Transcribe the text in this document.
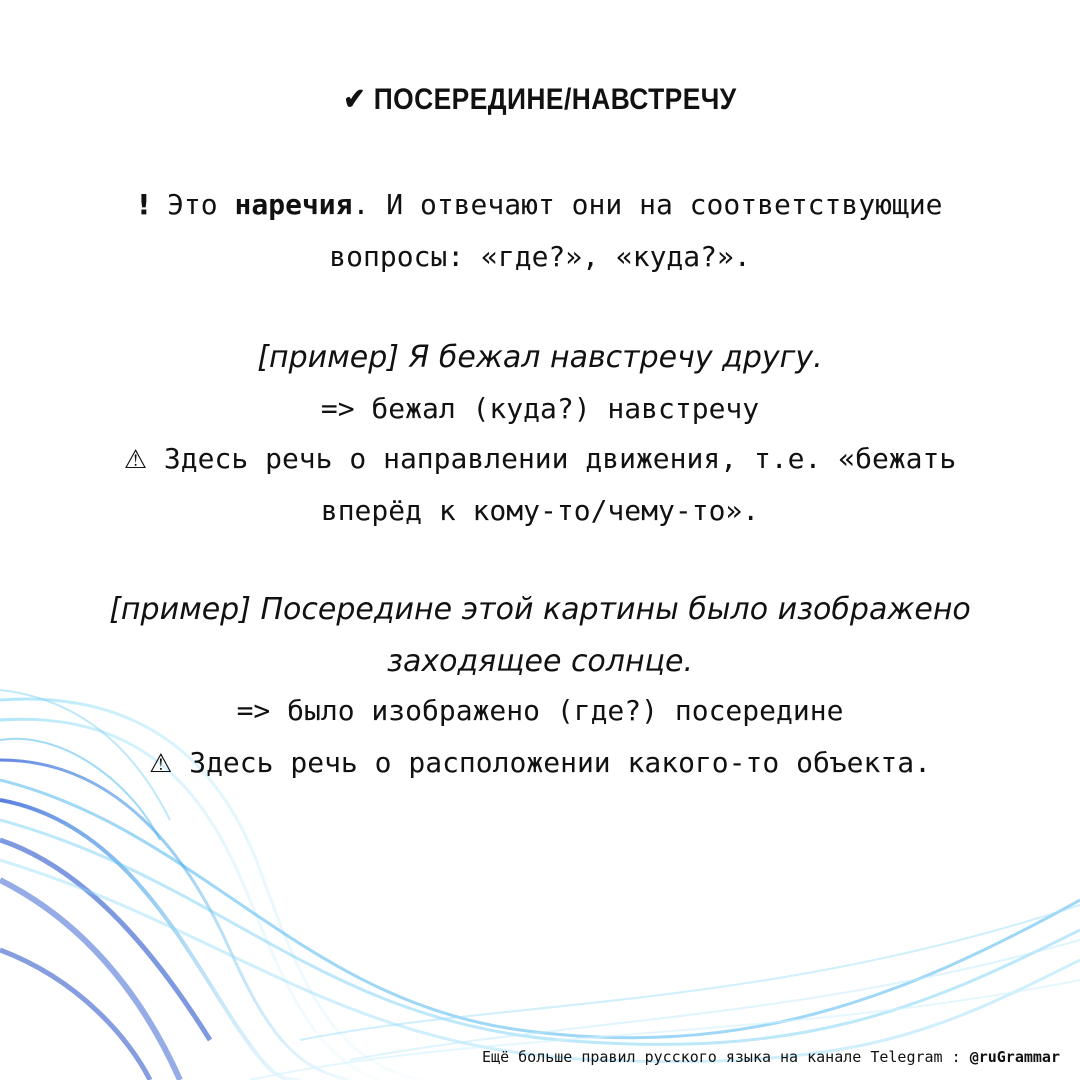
✔ ПОСЕРЕДИНЕ/НАВСТРЕЧУ
! Это наречия. И отвечают они на соответствующие
вопросы: «где?», «куда?».
[пример] Я бежал навстречу другу.
=> бежал (куда?) навстречу
⚠ Здесь речь о направлении движения, т.е. «бежать
вперёд к кому-то/чему-то».
[пример] Посередине этой картины было изображено
заходящее солнце.
=> было изображено (где?) посередине
⚠ Здесь речь о расположении какого-то объекта.
Ещё больше правил русского языка на канале Telegram : @ruGrammar
